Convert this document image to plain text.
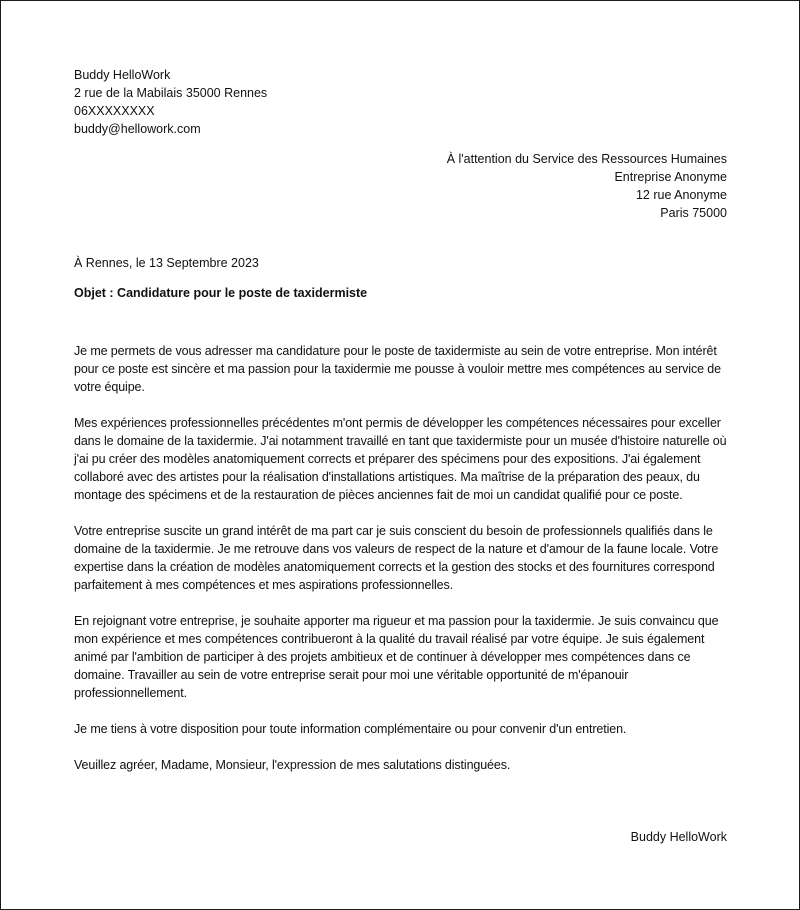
Buddy HelloWork
2 rue de la Mabilais 35000 Rennes
06XXXXXXXX
buddy@hellowork.com
À l'attention du Service des Ressources Humaines
Entreprise Anonyme
12 rue Anonyme
Paris 75000
À Rennes, le 13 Septembre 2023
Objet : Candidature pour le poste de taxidermiste

Je me permets de vous adresser ma candidature pour le poste de taxidermiste au sein de votre entreprise. Mon intérêt pour ce poste est sincère et ma passion pour la taxidermie me pousse à vouloir mettre mes compétences au service de votre équipe.

Mes expériences professionnelles précédentes m'ont permis de développer les compétences nécessaires pour exceller dans le domaine de la taxidermie. J'ai notamment travaillé en tant que taxidermiste pour un musée d'histoire naturelle où j'ai pu créer des modèles anatomiquement corrects et préparer des spécimens pour des expositions. J'ai également collaboré avec des artistes pour la réalisation d'installations artistiques. Ma maîtrise de la préparation des peaux, du montage des spécimens et de la restauration de pièces anciennes fait de moi un candidat qualifié pour ce poste.

Votre entreprise suscite un grand intérêt de ma part car je suis conscient du besoin de professionnels qualifiés dans le domaine de la taxidermie. Je me retrouve dans vos valeurs de respect de la nature et d'amour de la faune locale. Votre expertise dans la création de modèles anatomiquement corrects et la gestion des stocks et des fournitures correspond parfaitement à mes compétences et mes aspirations professionnelles.

En rejoignant votre entreprise, je souhaite apporter ma rigueur et ma passion pour la taxidermie. Je suis convaincu que mon expérience et mes compétences contribueront à la qualité du travail réalisé par votre équipe. Je suis également animé par l'ambition de participer à des projets ambitieux et de continuer à développer mes compétences dans ce domaine. Travailler au sein de votre entreprise serait pour moi une véritable opportunité de m'épanouir professionnellement.

Je me tiens à votre disposition pour toute information complémentaire ou pour convenir d'un entretien.

Veuillez agréer, Madame, Monsieur, l'expression de mes salutations distinguées.

Buddy HelloWork
